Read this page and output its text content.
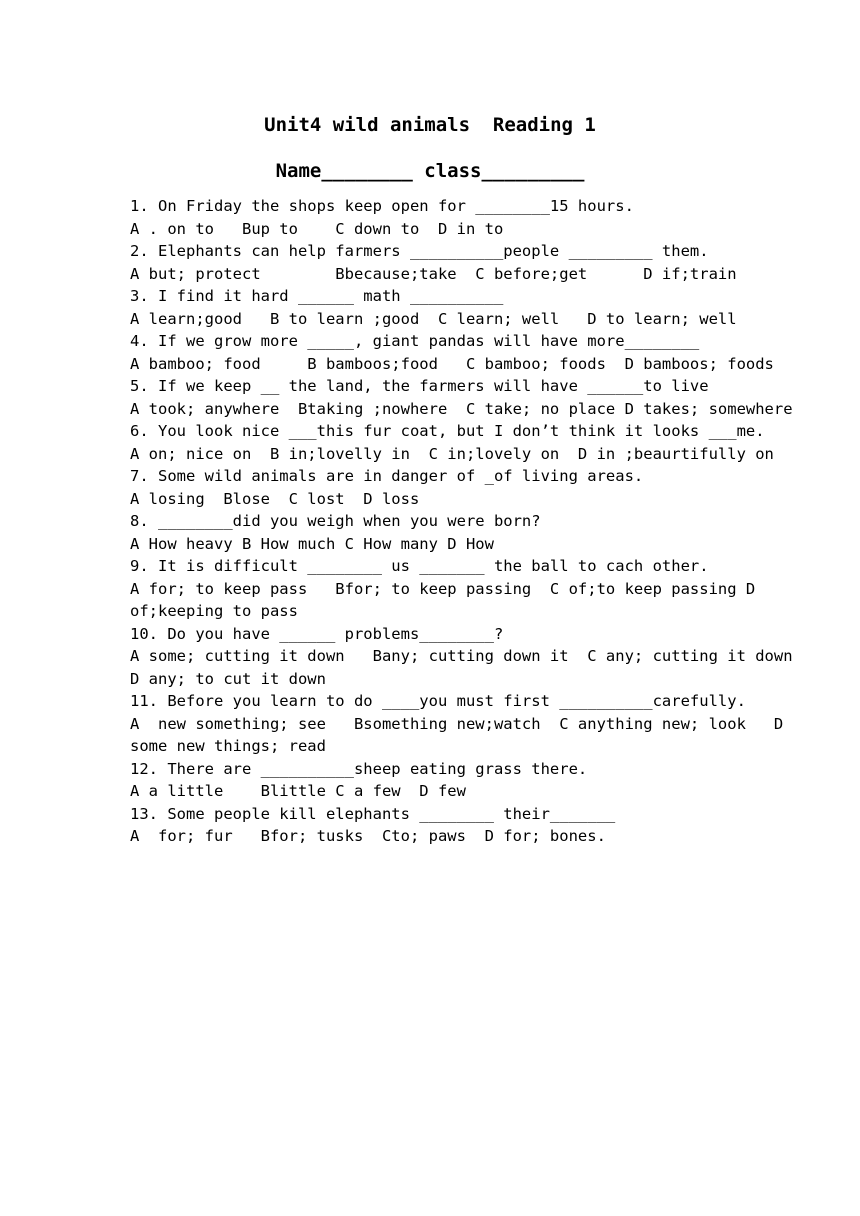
Unit4 wild animals  Reading 1
Name________ class_________
1. On Friday the shops keep open for ________15 hours.
A . on to   Bup to    C down to  D in to
2. Elephants can help farmers __________people _________ them.
A but; protect        Bbecause;take  C before;get      D if;train
3. I find it hard ______ math __________
A learn;good   B to learn ;good  C learn; well   D to learn; well
4. If we grow more _____, giant pandas will have more________
A bamboo; food     B bamboos;food   C bamboo; foods  D bamboos; foods
5. If we keep __ the land, the farmers will have ______to live
A took; anywhere  Btaking ;nowhere  C take; no place D takes; somewhere
6. You look nice ___this fur coat, but I don’t think it looks ___me.
A on; nice on  B in;lovelly in  C in;lovely on  D in ;beaurtifully on
7. Some wild animals are in danger of _of living areas.
A losing  Blose  C lost  D loss
8. ________did you weigh when you were born?
A How heavy B How much C How many D How
9. It is difficult ________ us _______ the ball to cach other.
A for; to keep pass   Bfor; to keep passing  C of;to keep passing D
of;keeping to pass
10. Do you have ______ problems________?
A some; cutting it down   Bany; cutting down it  C any; cutting it down
D any; to cut it down
11. Before you learn to do ____you must first __________carefully.
A  new something; see   Bsomething new;watch  C anything new; look   D
some new things; read
12. There are __________sheep eating grass there.
A a little    Blittle C a few  D few
13. Some people kill elephants ________ their_______
A  for; fur   Bfor; tusks  Cto; paws  D for; bones.
